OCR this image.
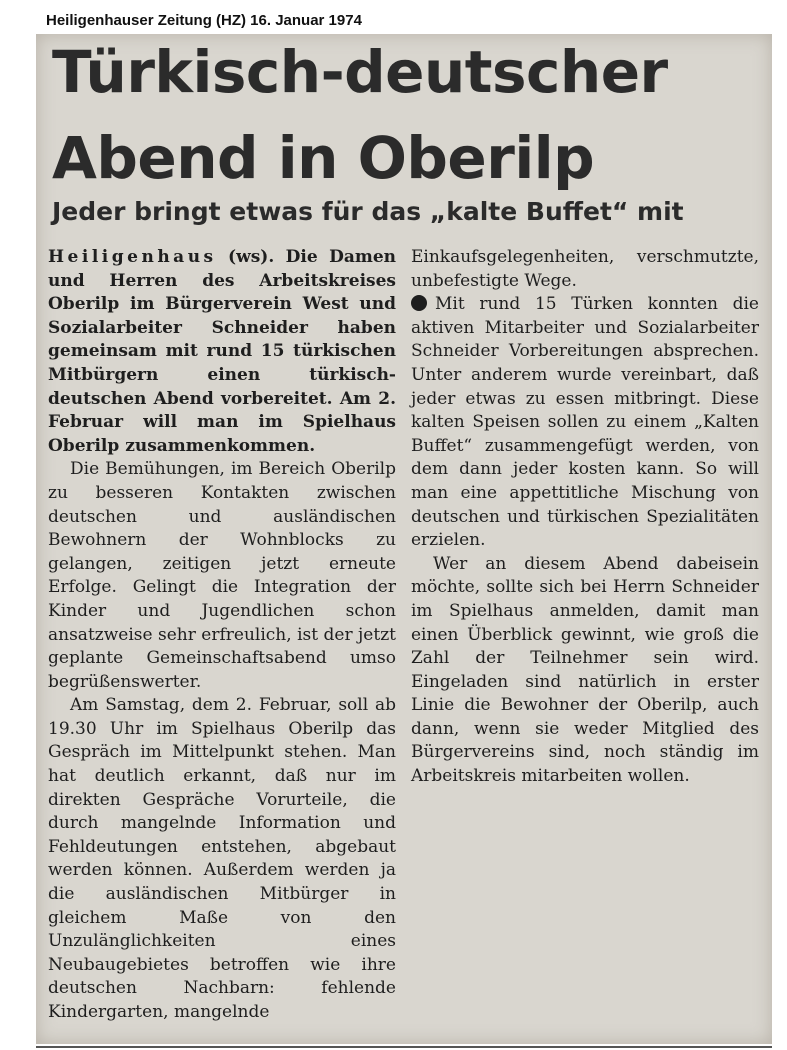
Heiligenhauser Zeitung (HZ) 16. Januar 1974
Türkisch-deutscher
Abend in Oberilp
Jeder bringt etwas für das „kalte Buffet“ mit

Heiligenhaus (ws). Die Damen und Herren des Arbeitskreises Oberilp im Bürgerverein West und Sozialarbeiter Schneider haben gemeinsam mit rund 15 türkischen Mitbürgern einen türkisch-deutschen Abend vorbereitet. Am 2. Februar will man im Spielhaus Oberilp zusammenkommen.

Die Bemühungen, im Bereich Oberilp zu besseren Kontakten zwischen deutschen und ausländischen Bewohnern der Wohnblocks zu gelangen, zeitigen jetzt erneute Erfolge. Gelingt die Integration der Kinder und Jugendlichen schon ansatzweise sehr erfreulich, ist der jetzt geplante Gemeinschaftsabend umso begrüßenswerter.

Am Samstag, dem 2. Februar, soll ab 19.30 Uhr im Spielhaus Oberilp das Gespräch im Mittelpunkt stehen. Man hat deutlich erkannt, daß nur im direkten Gespräche Vorurteile, die durch mangelnde Information und Fehldeutungen entstehen, abgebaut werden können. Außerdem werden ja die ausländischen Mitbürger in gleichem Maße von den Unzulänglichkeiten eines Neubaugebietes betroffen wie ihre deutschen Nachbarn: fehlende Kindergarten, mangelnde

Einkaufsgelegenheiten, verschmutzte, unbefestigte Wege.

Mit rund 15 Türken konnten die aktiven Mitarbeiter und Sozialarbeiter Schneider Vorbereitungen absprechen. Unter anderem wurde vereinbart, daß jeder etwas zu essen mitbringt. Diese kalten Speisen sollen zu einem „Kalten Buffet“ zusammengefügt werden, von dem dann jeder kosten kann. So will man eine appettitliche Mischung von deutschen und türkischen Spezialitäten erzielen.

Wer an diesem Abend dabeisein möchte, sollte sich bei Herrn Schneider im Spielhaus anmelden, damit man einen Überblick gewinnt, wie groß die Zahl der Teilnehmer sein wird. Eingeladen sind natürlich in erster Linie die Bewohner der Oberilp, auch dann, wenn sie weder Mitglied des Bürgervereins sind, noch ständig im Arbeitskreis mitarbeiten wollen.
